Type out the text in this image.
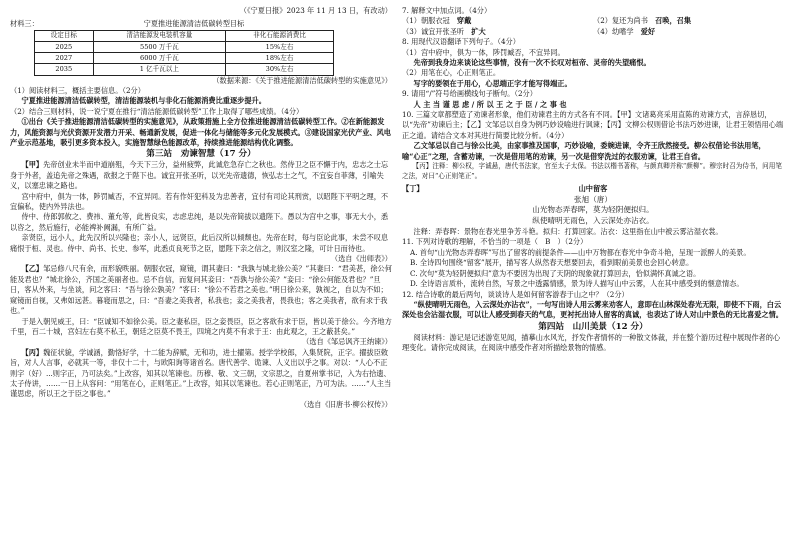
（《宁夏日报》2023 年 11 月 13 日，有改动）
材料三：	宁夏推进能源清洁低碳转型目标
设定目标	清洁能源发电装机容量	非化石能源消费比
2025	5500 万千瓦	15%左右
2027	6000 万千瓦	18%左右
2035	1 亿千瓦以上	30%左右
（数据来源：《关于推进能源清洁低碳转型的实施意见》）
（1）阅读材料三，概括主要信息。（2分）
宁夏推进能源清洁低碳转型，清洁能源装机与非化石能源消费比重逐步提升。
（2）结合三则材料，说一说宁夏在推行“清洁能源低碳转型”工作上取得了哪些成绩。（4分）
①出台《关于推进能源清洁低碳转型的实施意见》，从政策措施上全方位推进能源清洁低碳转型工作。②在新能源发力，风能资源与光伏资源开发潜力开采、畅通新发展，促进一体化与储能等多元化发展模式。③建设国家光伏产业、风电产业示范基地，吸引更多资本投入，实施智慧绿色能源改革，持续推进能源结构优化调整。
第三站　劝谏智慧（17 分）
【甲】先帝创业未半而中道崩殂，今天下三分，益州疲弊，此诚危急存亡之秋也。然侍卫之臣不懈于内，忠志之士忘身于外者，盖追先帝之殊遇，欲报之于陛下也。诚宜开张圣听，以光先帝遗德，恢弘志士之气，不宜妄自菲薄，引喻失义，以塞忠谏之路也。
宫中府中，俱为一体，陟罚臧否，不宜异同。若有作奸犯科及为忠善者，宜付有司论其刑赏，以昭陛下平明之理，不宜偏私，使内外异法也。
侍中、侍郎郭攸之、费祎、董允等，此皆良实，志虑忠纯，是以先帝简拔以遗陛下。愚以为宫中之事，事无大小，悉以咨之，然后施行，必能裨补阙漏，有所广益。
亲贤臣，远小人，此先汉所以兴隆也；亲小人，远贤臣，此后汉所以倾颓也。先帝在时，每与臣论此事，未尝不叹息痛恨于桓、灵也。侍中、尚书、长史、参军，此悉贞良死节之臣，愿陛下亲之信之，则汉室之隆，可计日而待也。
（选自《出师表》）
【乙】邹忌修八尺有余，而形貌昳丽。朝服衣冠，窥镜，谓其妻曰：“我孰与城北徐公美？”其妻曰：“君美甚，徐公何能及君也？”城北徐公，齐国之美丽者也。忌不自信，而复问其妾曰：“吾孰与徐公美？”妾曰：“徐公何能及君也？”旦日，客从外来，与坐谈，问之客曰：“吾与徐公孰美？”客曰：“徐公不若君之美也。”明日徐公来，孰视之，自以为不如；窥镜而自视，又弗如远甚。暮寝而思之，曰：“吾妻之美我者，私我也；妾之美我者，畏我也；客之美我者，欲有求于我也。”
于是入朝见威王，曰：“臣诚知不如徐公美。臣之妻私臣，臣之妾畏臣，臣之客欲有求于臣，皆以美于徐公。今齐地方千里，百二十城，宫妇左右莫不私王，朝廷之臣莫不畏王，四境之内莫不有求于王：由此观之，王之蔽甚矣。”
（选自《邹忌讽齐王纳谏》）
【丙】魏征状貌，学诚涵，勤恪好学，十二能为辞赋，无和功，进士擢第。授学学校郎，入集贤院，正字。擢拔臣敕旨，对人人言事，必就其一等，非仅十二十，与欧阳询等诸首名。唐代善学、诡谏、人义出以乎之事。对以：“人心不正则字（好）...则字正，乃可法矣。”上改容，知其以笔谏也。历穆、敬、文三朝，文宗思之，自夏州掌书记，入为右拾遗、太子侍讲，……一日上从容问：“用笔在心，正则笔正。”上改容，知其以笔谏也。若心正则笔正，乃可为法。……“人主当谨思虑，所以王之于臣之事也。”
（选自《旧唐书·柳公权传》）
7. 解释文中加点词。（4分）
（1）朝服衣冠　 穿戴	（2）复还为尚书　 召唤，召集
（3）诚宜开张圣听　 扩大	（4）幼嗜学　 爱好
8. 用现代汉语翻译下列句子。（4分）
（1）宫中府中，俱为一体，陟罚臧否，不宜异同。
先帝到我身边来谈论这些事情，没有一次不长叹对桓帝、灵帝的失望痛恨。
（2）用笔在心，心正则笔正。
写字的要领在于用心，心思端正字才能写得端正。
9. 请用“/”符号给画横线句子断句。（2分）
人 主 当 谨 思 虑 / 所 以 王 之 于 臣 / 之 事 也
10. 三篇文章都塑造了劝谏者形象，他们劝谏君主的方式各有不同。【甲】文诸葛亮采用直陈的劝谏方式，言辞恳切，以“先帝”劝谏后主；【乙】文邹忌以自身为例巧妙设喻进行讽谏；【丙】文柳公权则借论书法巧妙进谏，让君王领悟用心端正之道。请结合文本对其进行简要比较分析。（4分）
乙文邹忌以自己与徐公比美，由家事推及国事，巧妙设喻，委婉进谏，令齐王欣然接受。柳公权借论书法用笔，喻“心正”之理，含蓄劝谏，一次是借用笔的劝谏，另一次是借穿洗过的衣服劝谏，让君王自省。
【丙】注释：柳公权，字诚悬，唐代书法家，官至太子太保。书法以楷书著称，与颜真卿并称“颜柳”。穆宗时召为侍书，问用笔之法，对曰“心正则笔正”。
【丁】	山中留客
张旭（唐）
山光物态弄春晖，莫为轻阴便拟归。
纵使晴明无雨色，入云深处亦沾衣。
注释：弄春晖：景物在春光里争芳斗艳。拟归：打算回家。沾衣：这里指在山中被云雾沾湿衣裳。
11. 下列对诗歌的理解，不恰当的一项是（　B　）（2分）
A. 首句“山光物态弄春晖”写出了留客的前提条件——山中万物都在春光中争奇斗艳，呈现一派醉人的美景。
B. 全诗四句围绕“留客”展开，描写客人纵然春天想要回去，看到眼前美景也会回心转意。
C. 次句“莫为轻阴便拟归”意为不要因为出现了天阴的现象就打算回去，恰似满怀真诚之语。
D. 全诗语言质朴，流转自然，写景之中透露情感，景为诗人描写山中云雾，人在其中感受到的惬意情态。
12. 结合诗歌的最后两句，谈谈诗人是如何留客游春于山之中？（2分）
“纵使晴明无雨色，入云深处亦沾衣”，一句写出诗人用云雾来劝客人，意即在山林深处春光无限，即使不下雨，白云深处也会沾湿衣服，可以让人感受到春天的气息，更衬托出诗人留客的真诚，也表达了诗人对山中景色的无比喜爱之情。
第四站　山川美景（12 分）
阅读材料：游记是记述游览见闻，描摹山水风光，抒发作者情怀的一种散文体裁，并在整个游历过程中展现作者的心理变化。请你完成阅读，在阅读中感受作者对所描绘景物的情感。
